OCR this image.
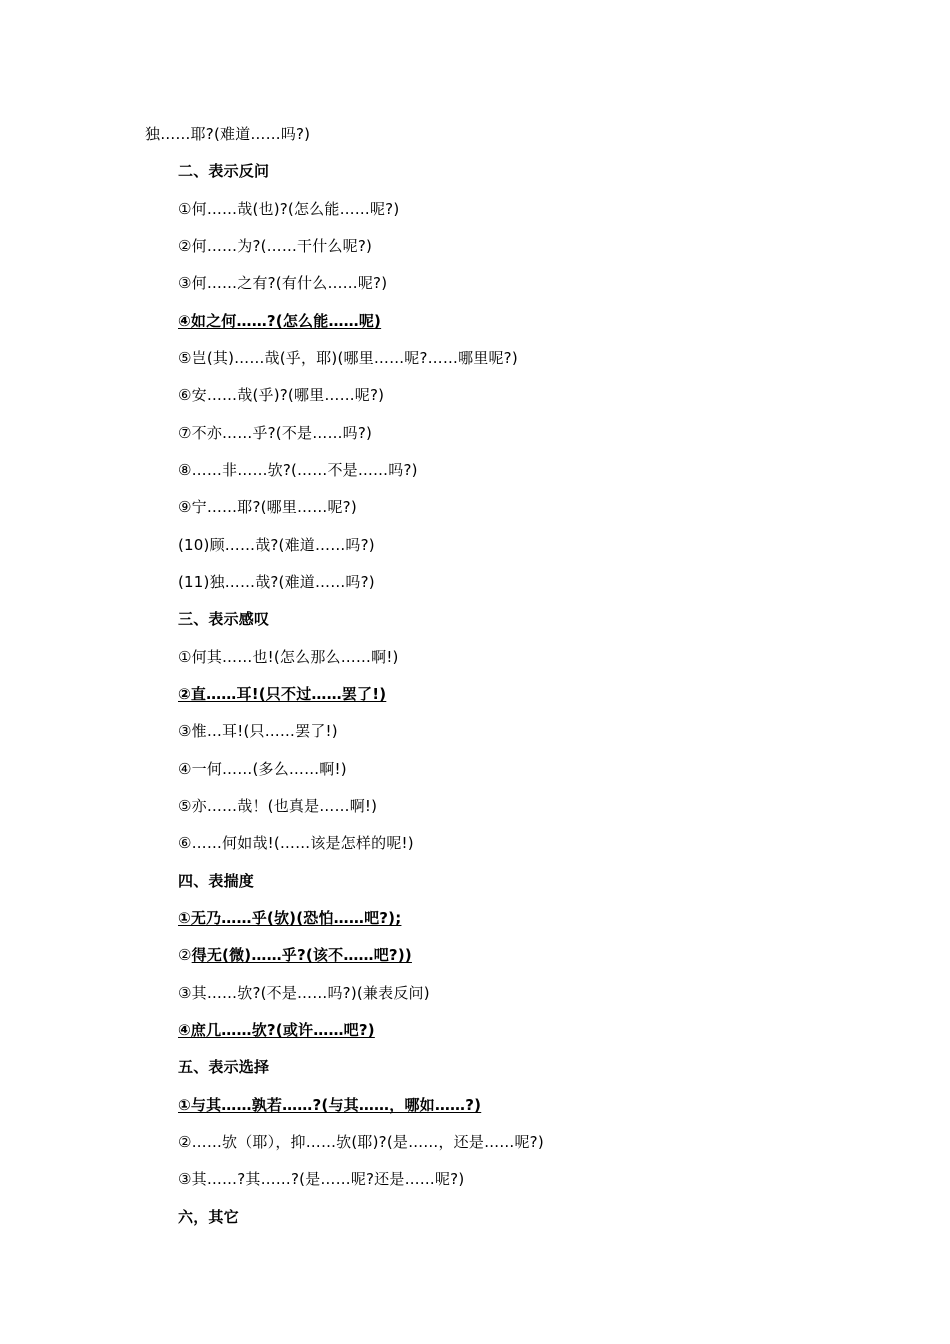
独……耶?(难道……吗?)
二、表示反问
①何……哉(也)?(怎么能……呢?)
②何……为?(……干什么呢?)
③何……之有?(有什么……呢?)
④如之何……?(怎么能……呢)
⑤岂(其)……哉(乎，耶)(哪里……呢?……哪里呢?)
⑥安……哉(乎)?(哪里……呢?)
⑦不亦……乎?(不是……吗?)
⑧……非……欤?(……不是……吗?)
⑨宁……耶?(哪里……呢?)
(10)顾……哉?(难道……吗?)
(11)独……哉?(难道……吗?)
三、表示感叹
①何其……也!(怎么那么……啊!)
②直……耳!(只不过……罢了!)
③惟…耳!(只……罢了!)
④一何……(多么……啊!)
⑤亦……哉！(也真是……啊!)
⑥……何如哉!(……该是怎样的呢!)
四、表揣度
①无乃……乎(欤)(恐怕……吧?);
②得无(微)……乎?(该不……吧?))
③其……欤?(不是……吗?)(兼表反问)
④庶几……欤?(或许……吧?)
五、表示选择
①与其……孰若……?(与其……，哪如……?)
②……欤（耶），抑……欤(耶)?(是……，还是……呢?)
③其……?其……?(是……呢?还是……呢?)
六，其它
